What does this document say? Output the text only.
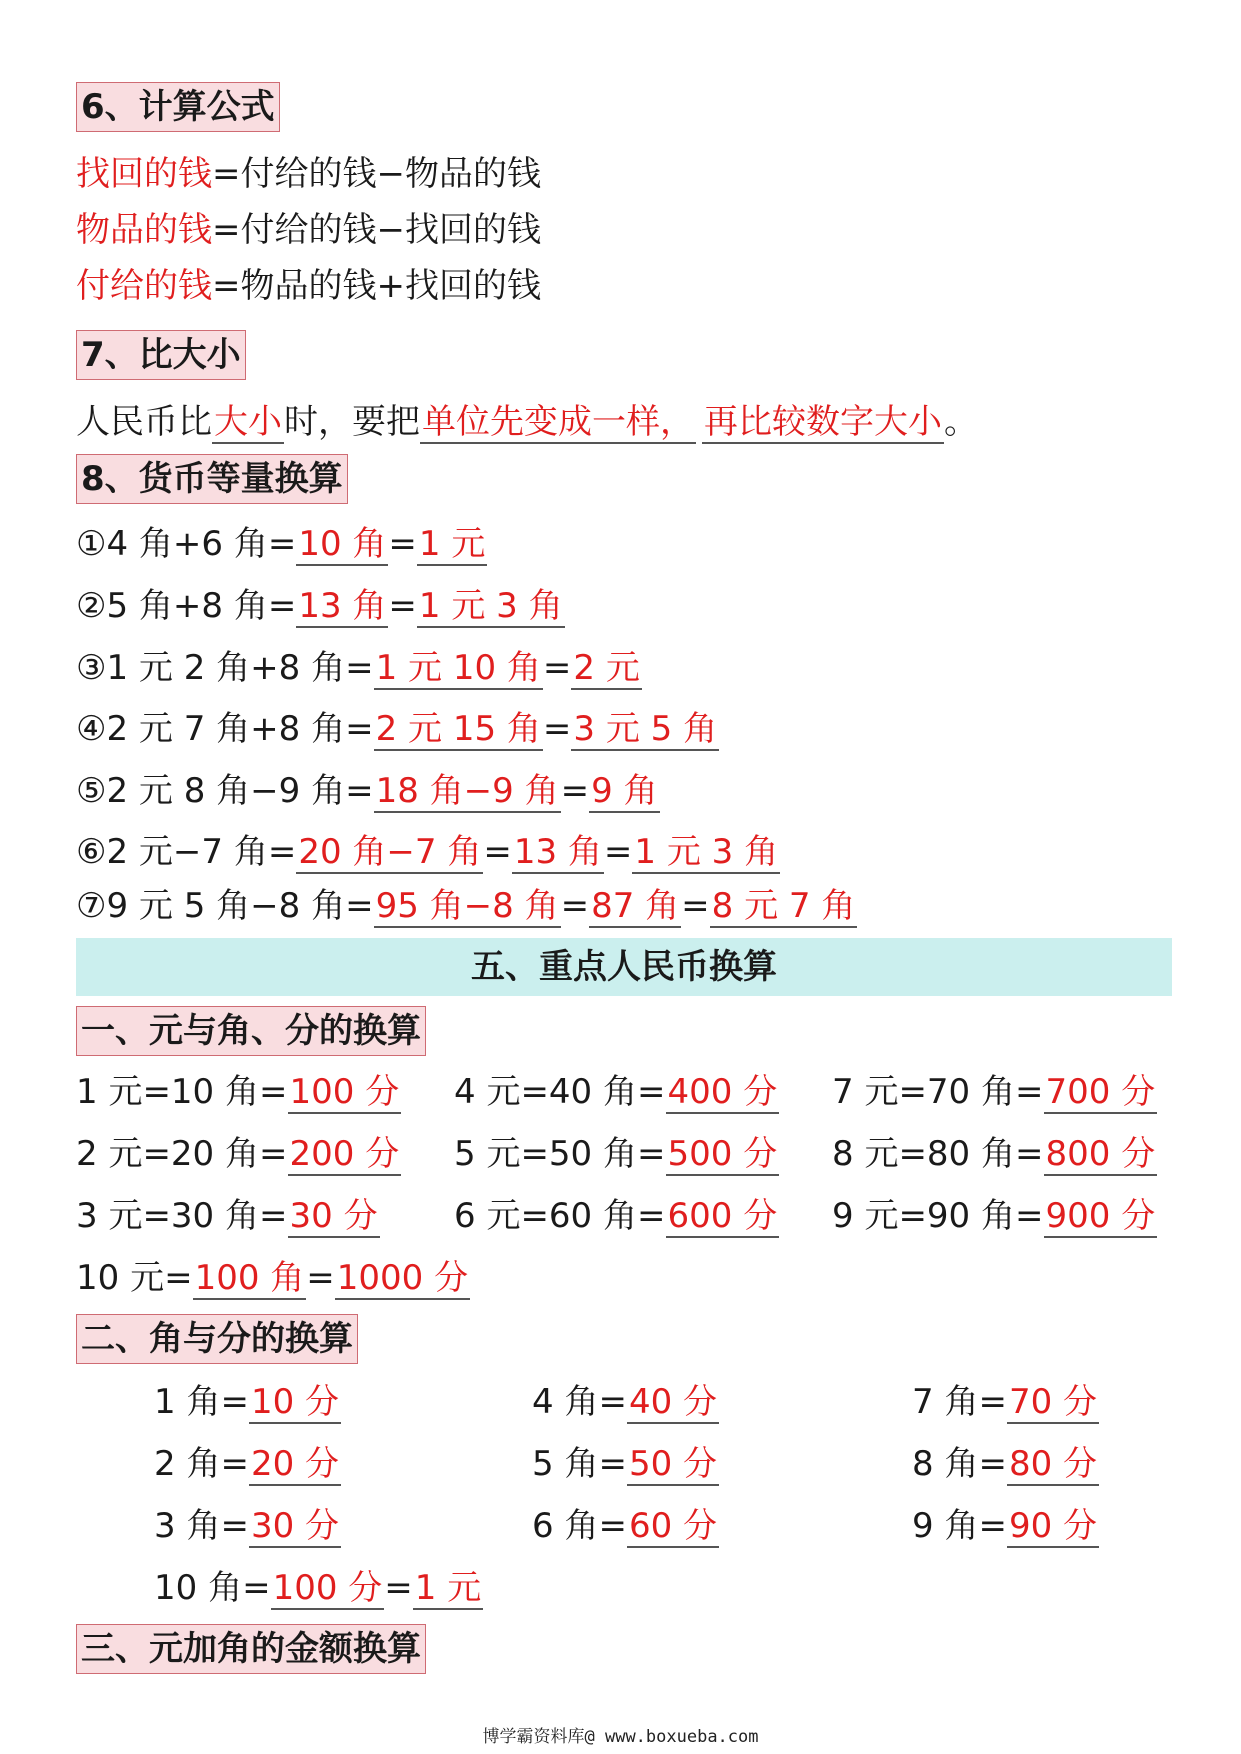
6、计算公式
找回的钱=付给的钱−物品的钱
物品的钱=付给的钱−找回的钱
付给的钱=物品的钱+找回的钱
7、比大小
人民币比大小时，要把单位先变成一样， 再比较数字大小。
8、货币等量换算
①4 角+6 角=10 角=1 元
②5 角+8 角=13 角=1 元 3 角
③1 元 2 角+8 角=1 元 10 角=2 元
④2 元 7 角+8 角=2 元 15 角=3 元 5 角
⑤2 元 8 角−9 角=18 角−9 角=9 角
⑥2 元−7 角=20 角−7 角=13 角=1 元 3 角
⑦9 元 5 角−8 角=95 角−8 角=87 角=8 元 7 角
五、重点人民币换算
一、元与角、分的换算
1 元=10 角=100 分 4 元=40 角=400 分 7 元=70 角=700 分
2 元=20 角=200 分 5 元=50 角=500 分 8 元=80 角=800 分
3 元=30 角=30 分 6 元=60 角=600 分 9 元=90 角=900 分
10 元=100 角=1000 分
二、角与分的换算
1 角=10 分	4 角=40 分	7 角=70 分
2 角=20 分	5 角=50 分	8 角=80 分
3 角=30 分	6 角=60 分	9 角=90 分
10 角=100 分=1 元
三、元加角的金额换算
博学霸资料库@ www.boxueba.com
